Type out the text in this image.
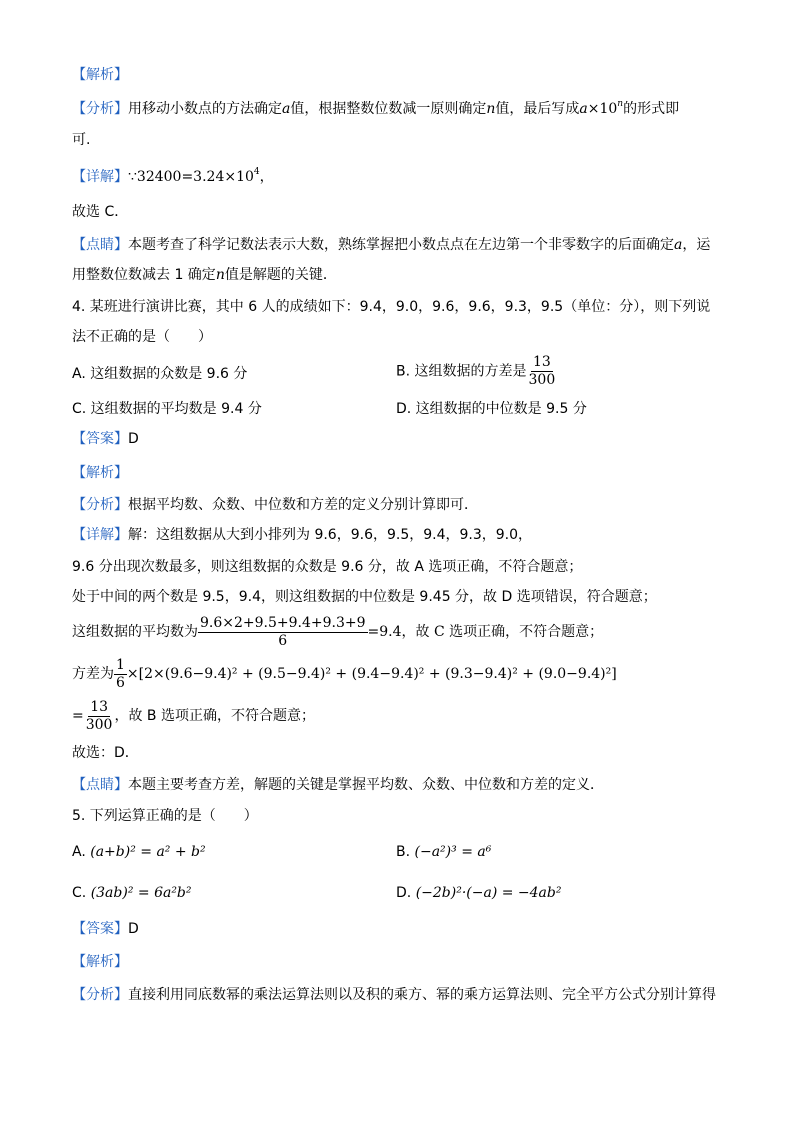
【解析】
【分析】用移动小数点的方法确定a值，根据整数位数减一原则确定n值，最后写成$a\times 10^n$的形式即
可.
【详解】$\because 32400=3.24\times 10^4$，
故选 C．
【点睛】本题考查了科学记数法表示大数，熟练掌握把小数点点在左边第一个非零数字的后面确定a，运
用整数位数减去 1 确定n值是解题的关键．
4. 某班进行演讲比赛，其中 6 人的成绩如下：9.4，9.0，9.6，9.6，9.3，9.5（单位：分），则下列说
法不正确的是（　　）
A. 这组数据的众数是 9.6 分	B. 这组数据的方差是 $\frac{13}{300}$
C. 这组数据的平均数是 9.4 分	D. 这组数据的中位数是 9.5 分
【答案】D
【解析】
【分析】根据平均数、众数、中位数和方差的定义分别计算即可．
【详解】解：这组数据从大到小排列为 9.6，9.6，9.5，9.4，9.3，9.0，
9.6 分出现次数最多，则这组数据的众数是 9.6 分，故 A 选项正确，不符合题意；
处于中间的两个数是 9.5，9.4，则这组数据的中位数是 9.45 分，故 D 选项错误，符合题意；
这组数据的平均数为 $\frac{9.6\times 2+9.5+9.4+9.3+9}{6} =9.4$，故 C 选项正确，不符合题意；
方差为 $\frac{1}{6} \times[2\times(9.6-9.4)^2 + (9.5-9.4)^2 + (9.4-9.4)^2 + (9.3-9.4)^2 + (9.0-9.4)^2]$
= $\frac{13}{300}$ ，故 B 选项正确，不符合题意；
故选：D．
【点睛】本题主要考查方差，解题的关键是掌握平均数、众数、中位数和方差的定义．
5. 下列运算正确的是（　　）
A. (a+b)² = a² + b²	B. (−a²)³ = a⁶
C. (3ab)² = 6a²b²	D. (−2b)²·(−a) = −4ab²
【答案】D
【解析】
【分析】直接利用同底数幂的乘法运算法则以及积的乘方、幂的乘方运算法则、完全平方公式分别计算得
